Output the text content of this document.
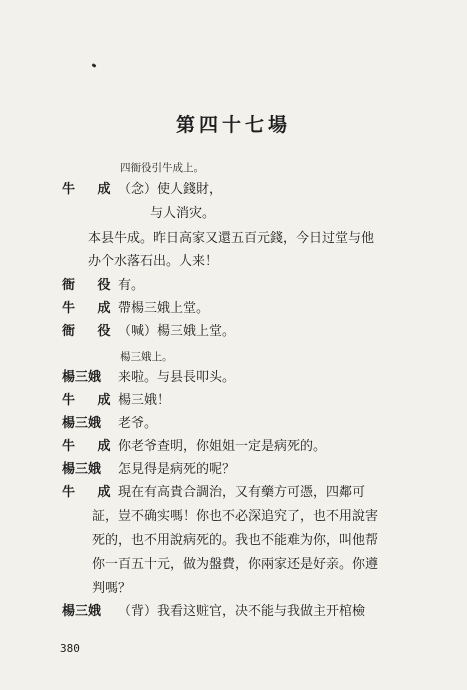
第四十七場
四衙役引牛成上。
牛 成
（念）使人錢財，
与人消灾。
本县牛成。昨日高家又還五百元錢，今日过堂与他
办个水落石出。人来！
衙 役
有。
牛 成
帶楊三娥上堂。
衙 役
（喊）楊三娥上堂。
楊三娥上。
楊三娥 来啦。与县長叩头。
牛 成
楊三娥！
楊三娥 老爷。
牛 成
你老爷查明，你姐姐一定是病死的。
楊三娥 怎見得是病死的呢？
牛 成
現在有高貴合調治，又有藥方可憑，四鄰可
証，豈不确实嗎！你也不必深追究了，也不用說害
死的，也不用說病死的。我也不能难为你，叫他帮
你一百五十元，做为盤費，你兩家还是好亲。你遵
判嗎？
楊三娥 （背）我看这赃官，决不能与我做主开棺檢
380
